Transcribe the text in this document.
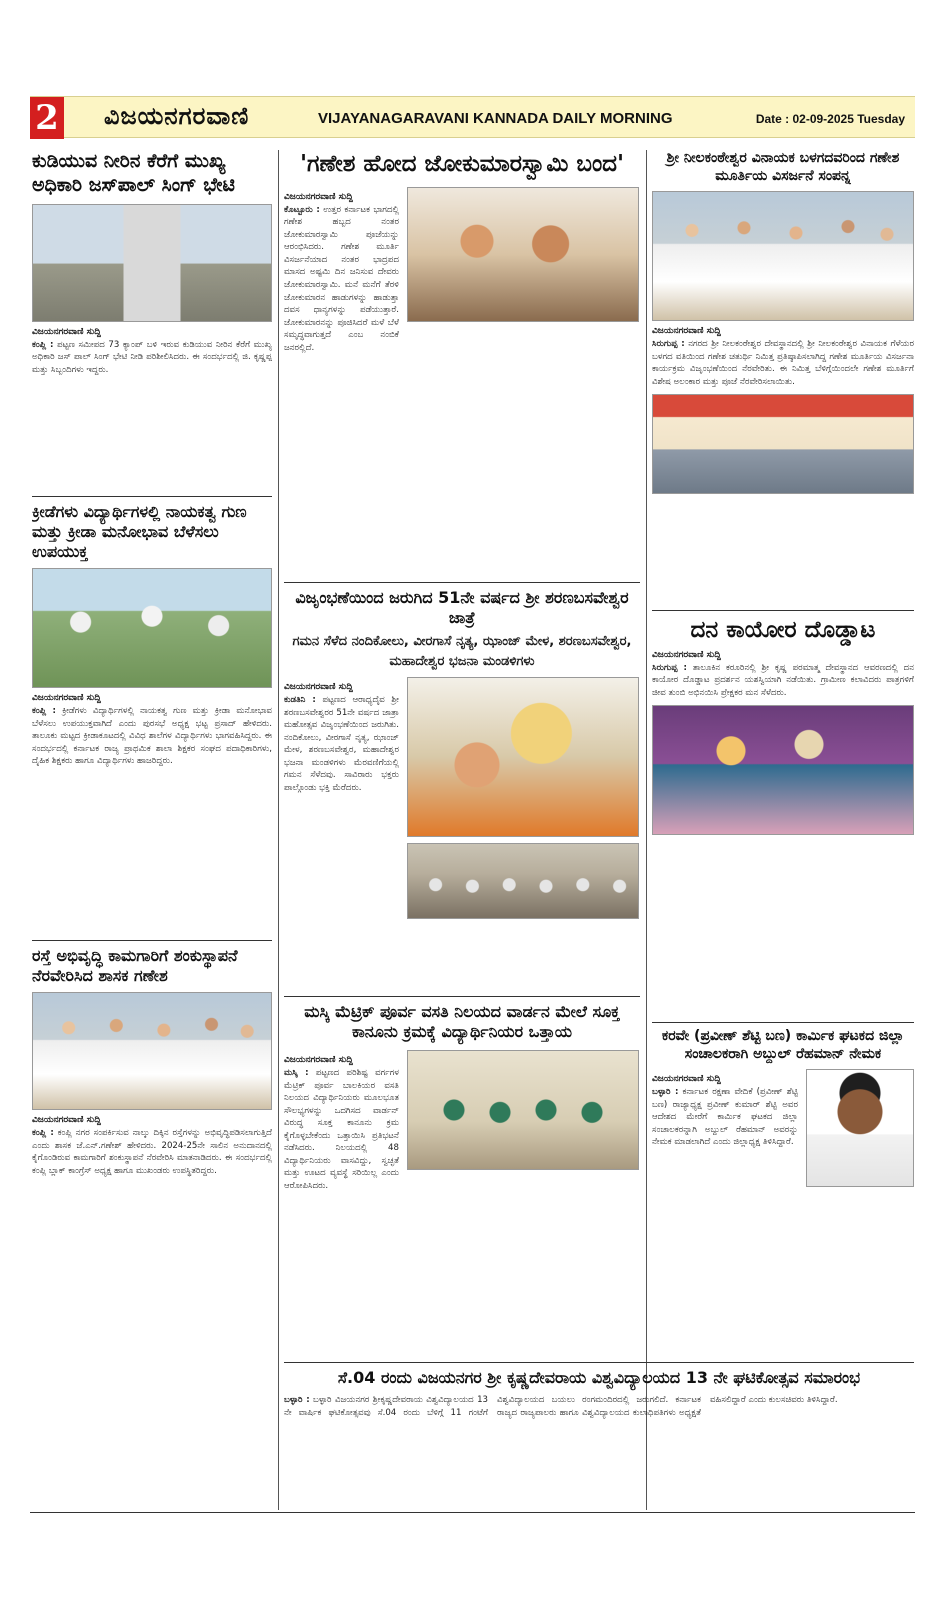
2 ವಿಜಯನಗರವಾಣಿ	VIJAYANAGARAVANI KANNADA DAILY MORNING	Date : 02-09-2025 Tuesday
ಕುಡಿಯುವ ನೀರಿನ ಕೆರೆಗೆ ಮುಖ್ಯ ಅಧಿಕಾರಿ ಜಸ್‌ಪಾಲ್ ಸಿಂಗ್ ಭೇಟಿ
ವಿಜಯನಗರವಾಣಿ ಸುದ್ದಿ
ಕಂಪ್ಲಿ : ಪಟ್ಟಣ ಸಮೀಪದ 73 ಕ್ಯಾಂಪ್ ಬಳಿ ಇರುವ ಕುಡಿಯುವ ನೀರಿನ ಕೆರೆಗೆ ಮುಖ್ಯ ಅಧಿಕಾರಿ ಜಸ್ ಪಾಲ್ ಸಿಂಗ್ ಭೇಟಿ ನೀಡಿ ಪರಿಶೀಲಿಸಿದರು. ಈ ಸಂದರ್ಭದಲ್ಲಿ ಜಿ. ಕೃಷ್ಣಪ್ಪ ಮತ್ತು ಸಿಬ್ಬಂದಿಗಳು ಇದ್ದರು.
ಕ್ರೀಡೆಗಳು ವಿದ್ಯಾರ್ಥಿಗಳಲ್ಲಿ ನಾಯಕತ್ವ ಗುಣ ಮತ್ತು ಕ್ರೀಡಾ ಮನೋಭಾವ ಬೆಳೆಸಲು ಉಪಯುಕ್ತ
ವಿಜಯನಗರವಾಣಿ ಸುದ್ದಿ
ಕಂಪ್ಲಿ : ಕ್ರೀಡೆಗಳು ವಿದ್ಯಾರ್ಥಿಗಳಲ್ಲಿ ನಾಯಕತ್ವ ಗುಣ ಮತ್ತು ಕ್ರೀಡಾ ಮನೋಭಾವ ಬೆಳೆಸಲು ಉಪಯುಕ್ತವಾಗಿದೆ ಎಂದು ಪುರಸಭೆ ಅಧ್ಯಕ್ಷ ಭಟ್ಟ ಪ್ರಸಾದ್ ಹೇಳಿದರು. ತಾಲೂಕು ಮಟ್ಟದ ಕ್ರೀಡಾಕೂಟದಲ್ಲಿ ವಿವಿಧ ಶಾಲೆಗಳ ವಿದ್ಯಾರ್ಥಿಗಳು ಭಾಗವಹಿಸಿದ್ದರು. ಈ ಸಂದರ್ಭದಲ್ಲಿ ಕರ್ನಾಟಕ ರಾಜ್ಯ ಪ್ರಾಥಮಿಕ ಶಾಲಾ ಶಿಕ್ಷಕರ ಸಂಘದ ಪದಾಧಿಕಾರಿಗಳು, ದೈಹಿಕ ಶಿಕ್ಷಕರು ಹಾಗೂ ವಿದ್ಯಾರ್ಥಿಗಳು ಹಾಜರಿದ್ದರು.
ರಸ್ತೆ ಅಭಿವೃದ್ಧಿ ಕಾಮಗಾರಿಗೆ ಶಂಕುಸ್ಥಾಪನೆ ನೆರವೇರಿಸಿದ ಶಾಸಕ ಗಣೇಶ
ವಿಜಯನಗರವಾಣಿ ಸುದ್ದಿ
ಕಂಪ್ಲಿ : ಕಂಪ್ಲಿ ನಗರ ಸಂಪರ್ಕಿಸುವ ನಾಲ್ಕು ದಿಕ್ಕಿನ ರಸ್ತೆಗಳನ್ನು ಅಭಿವೃದ್ಧಿಪಡಿಸಲಾಗುತ್ತಿದೆ ಎಂದು ಶಾಸಕ ಜೆ.ಎನ್.ಗಣೇಶ್ ಹೇಳಿದರು. 2024-25ನೇ ಸಾಲಿನ ಅನುದಾನದಲ್ಲಿ ಕೈಗೊಂಡಿರುವ ಕಾಮಗಾರಿಗೆ ಶಂಕುಸ್ಥಾಪನೆ ನೆರವೇರಿಸಿ ಮಾತನಾಡಿದರು. ಈ ಸಂದರ್ಭದಲ್ಲಿ ಕಂಪ್ಲಿ ಬ್ಲಾಕ್ ಕಾಂಗ್ರೆಸ್ ಅಧ್ಯಕ್ಷ ಹಾಗೂ ಮುಖಂಡರು ಉಪಸ್ಥಿತರಿದ್ದರು.
'ಗಣೇಶ ಹೋದ ಜೋಕುಮಾರಸ್ವಾಮಿ ಬಂದ'
ವಿಜಯನಗರವಾಣಿ ಸುದ್ದಿ
ಕೊಟ್ಟೂರು : ಉತ್ತರ ಕರ್ನಾಟಕ ಭಾಗದಲ್ಲಿ ಗಣೇಶ ಹಬ್ಬದ ನಂತರ ಜೋಕುಮಾರಸ್ವಾಮಿ ಪೂಜೆಯನ್ನು ಆರಂಭಿಸಿದರು. ಗಣೇಶ ಮೂರ್ತಿ ವಿಸರ್ಜನೆಯಾದ ನಂತರ ಭಾದ್ರಪದ ಮಾಸದ ಅಷ್ಟಮಿ ದಿನ ಜನಿಸುವ ದೇವರು ಜೋಕುಮಾರಸ್ವಾಮಿ. ಮನೆ ಮನೆಗೆ ತೆರಳಿ ಜೋಕುಮಾರನ ಹಾಡುಗಳನ್ನು ಹಾಡುತ್ತಾ ದವಸ ಧಾನ್ಯಗಳನ್ನು ಪಡೆಯುತ್ತಾರೆ. ಜೋಕುಮಾರನನ್ನು ಪೂಜಿಸಿದರೆ ಮಳೆ ಬೆಳೆ ಸಮೃದ್ಧವಾಗುತ್ತದೆ ಎಂಬ ನಂಬಿಕೆ ಜನರಲ್ಲಿದೆ.
ವಿಜೃಂಭಣೆಯಿಂದ ಜರುಗಿದ 51ನೇ ವರ್ಷದ ಶ್ರೀ ಶರಣಬಸವೇಶ್ವರ ಜಾತ್ರೆ
ಗಮನ ಸೆಳೆದ ನಂದಿಕೋಲು, ವೀರಗಾಸೆ ನೃತ್ಯ, ಝಾಂಜ್ ಮೇಳ, ಶರಣಬಸವೇಶ್ವರ, ಮಹಾದೇಶ್ವರ ಭಜನಾ ಮಂಡಳಿಗಳು
ವಿಜಯನಗರವಾಣಿ ಸುದ್ದಿ
ಕುಡತಿನಿ : ಪಟ್ಟಣದ ಆರಾಧ್ಯದೈವ ಶ್ರೀ ಶರಣಬಸವೇಶ್ವರರ 51ನೇ ವರ್ಷದ ಜಾತ್ರಾ ಮಹೋತ್ಸವ ವಿಜೃಂಭಣೆಯಿಂದ ಜರುಗಿತು. ನಂದಿಕೋಲು, ವೀರಗಾಸೆ ನೃತ್ಯ, ಝಾಂಜ್ ಮೇಳ, ಶರಣಬಸವೇಶ್ವರ, ಮಹಾದೇಶ್ವರ ಭಜನಾ ಮಂಡಳಿಗಳು ಮೆರವಣಿಗೆಯಲ್ಲಿ ಗಮನ ಸೆಳೆದವು. ಸಾವಿರಾರು ಭಕ್ತರು ಪಾಲ್ಗೊಂಡು ಭಕ್ತಿ ಮೆರೆದರು.
ಮಸ್ಕಿ ಮೆಟ್ರಿಕ್ ಪೂರ್ವ ವಸತಿ ನಿಲಯದ ವಾರ್ಡನ ಮೇಲೆ ಸೂಕ್ತ ಕಾನೂನು ಕ್ರಮಕ್ಕೆ ವಿದ್ಯಾರ್ಥಿನಿಯರ ಒತ್ತಾಯ
ವಿಜಯನಗರವಾಣಿ ಸುದ್ದಿ
ಮಸ್ಕಿ : ಪಟ್ಟಣದ ಪರಿಶಿಷ್ಟ ವರ್ಗಗಳ ಮೆಟ್ರಿಕ್ ಪೂರ್ವ ಬಾಲಕಿಯರ ವಸತಿ ನಿಲಯದ ವಿದ್ಯಾರ್ಥಿನಿಯರು ಮೂಲಭೂತ ಸೌಲಭ್ಯಗಳನ್ನು ಒದಗಿಸದ ವಾರ್ಡನ್ ವಿರುದ್ಧ ಸೂಕ್ತ ಕಾನೂನು ಕ್ರಮ ಕೈಗೊಳ್ಳಬೇಕೆಂದು ಒತ್ತಾಯಿಸಿ ಪ್ರತಿಭಟನೆ ನಡೆಸಿದರು. ನಿಲಯದಲ್ಲಿ 48 ವಿದ್ಯಾರ್ಥಿನಿಯರು ವಾಸವಿದ್ದು, ಸ್ವಚ್ಛತೆ ಮತ್ತು ಊಟದ ವ್ಯವಸ್ಥೆ ಸರಿಯಿಲ್ಲ ಎಂದು ಆರೋಪಿಸಿದರು.
ಶ್ರೀ ನೀಲಕಂಠೇಶ್ವರ ವಿನಾಯಕ ಬಳಗದವರಿಂದ ಗಣೇಶ ಮೂರ್ತಿಯ ವಿಸರ್ಜನೆ ಸಂಪನ್ನ
ವಿಜಯನಗರವಾಣಿ ಸುದ್ದಿ
ಸಿರುಗುಪ್ಪ : ನಗರದ ಶ್ರೀ ನೀಲಕಂಠೇಶ್ವರ ದೇವಸ್ಥಾನದಲ್ಲಿ ಶ್ರೀ ನೀಲಕಂಠೇಶ್ವರ ವಿನಾಯಕ ಗೆಳೆಯರ ಬಳಗದ ವತಿಯಿಂದ ಗಣೇಶ ಚತುರ್ಥಿ ನಿಮಿತ್ತ ಪ್ರತಿಷ್ಠಾಪಿಸಲಾಗಿದ್ದ ಗಣೇಶ ಮೂರ್ತಿಯ ವಿಸರ್ಜನಾ ಕಾರ್ಯಕ್ರಮ ವಿಜೃಂಭಣೆಯಿಂದ ನೆರವೇರಿತು. ಈ ನಿಮಿತ್ತ ಬೆಳಿಗ್ಗೆಯಿಂದಲೇ ಗಣೇಶ ಮೂರ್ತಿಗೆ ವಿಶೇಷ ಅಲಂಕಾರ ಮತ್ತು ಪೂಜೆ ನೆರವೇರಿಸಲಾಯಿತು.
ದನ ಕಾಯೋರ ದೊಡ್ಡಾಟ
ವಿಜಯನಗರವಾಣಿ ಸುದ್ದಿ
ಸಿರುಗುಪ್ಪ : ತಾಲೂಕಿನ ಕರೂರಿನಲ್ಲಿ ಶ್ರೀ ಕೃಷ್ಣ ಪರಮಾತ್ಮ ದೇವಸ್ಥಾನದ ಆವರಣದಲ್ಲಿ ದನ ಕಾಯೋರ ದೊಡ್ಡಾಟ ಪ್ರದರ್ಶನ ಯಶಸ್ವಿಯಾಗಿ ನಡೆಯಿತು. ಗ್ರಾಮೀಣ ಕಲಾವಿದರು ಪಾತ್ರಗಳಿಗೆ ಜೀವ ತುಂಬಿ ಅಭಿನಯಿಸಿ ಪ್ರೇಕ್ಷಕರ ಮನ ಸೆಳೆದರು.
ಕರವೇ (ಪ್ರವೀಣ್ ಶೆಟ್ಟಿ ಬಣ) ಕಾರ್ಮಿಕ ಘಟಕದ ಜಿಲ್ಲಾ ಸಂಚಾಲಕರಾಗಿ ಅಬ್ದುಲ್ ರೆಹಮಾನ್ ನೇಮಕ
ವಿಜಯನಗರವಾಣಿ ಸುದ್ದಿ
ಬಳ್ಳಾರಿ : ಕರ್ನಾಟಕ ರಕ್ಷಣಾ ವೇದಿಕೆ (ಪ್ರವೀಣ್ ಶೆಟ್ಟಿ ಬಣ) ರಾಜ್ಯಾಧ್ಯಕ್ಷ ಪ್ರವೀಣ್ ಕುಮಾರ್ ಶೆಟ್ಟಿ ಅವರ ಆದೇಶದ ಮೇರೆಗೆ ಕಾರ್ಮಿಕ ಘಟಕದ ಜಿಲ್ಲಾ ಸಂಚಾಲಕರನ್ನಾಗಿ ಅಬ್ದುಲ್ ರೆಹಮಾನ್ ಅವರನ್ನು ನೇಮಕ ಮಾಡಲಾಗಿದೆ ಎಂದು ಜಿಲ್ಲಾಧ್ಯಕ್ಷ ತಿಳಿಸಿದ್ದಾರೆ.
ಸೆ.04 ರಂದು ವಿಜಯನಗರ ಶ್ರೀ ಕೃಷ್ಣದೇವರಾಯ ವಿಶ್ವವಿದ್ಯಾಲಯದ 13 ನೇ ಘಟಿಕೋತ್ಸವ ಸಮಾರಂಭ
ಬಳ್ಳಾರಿ : ಬಳ್ಳಾರಿ ವಿಜಯನಗರ ಶ್ರೀಕೃಷ್ಣದೇವರಾಯ ವಿಶ್ವವಿದ್ಯಾಲಯದ 13 ನೇ ವಾರ್ಷಿಕ ಘಟಿಕೋತ್ಸವವು ಸೆ.04 ರಂದು ಬೆಳಿಗ್ಗೆ 11 ಗಂಟೆಗೆ ವಿಶ್ವವಿದ್ಯಾಲಯದ ಬಯಲು ರಂಗಮಂದಿರದಲ್ಲಿ ಜರುಗಲಿದೆ. ಕರ್ನಾಟಕ ರಾಜ್ಯದ ರಾಜ್ಯಪಾಲರು ಹಾಗೂ ವಿಶ್ವವಿದ್ಯಾಲಯದ ಕುಲಾಧಿಪತಿಗಳು ಅಧ್ಯಕ್ಷತೆ ವಹಿಸಲಿದ್ದಾರೆ ಎಂದು ಕುಲಸಚಿವರು ತಿಳಿಸಿದ್ದಾರೆ.
